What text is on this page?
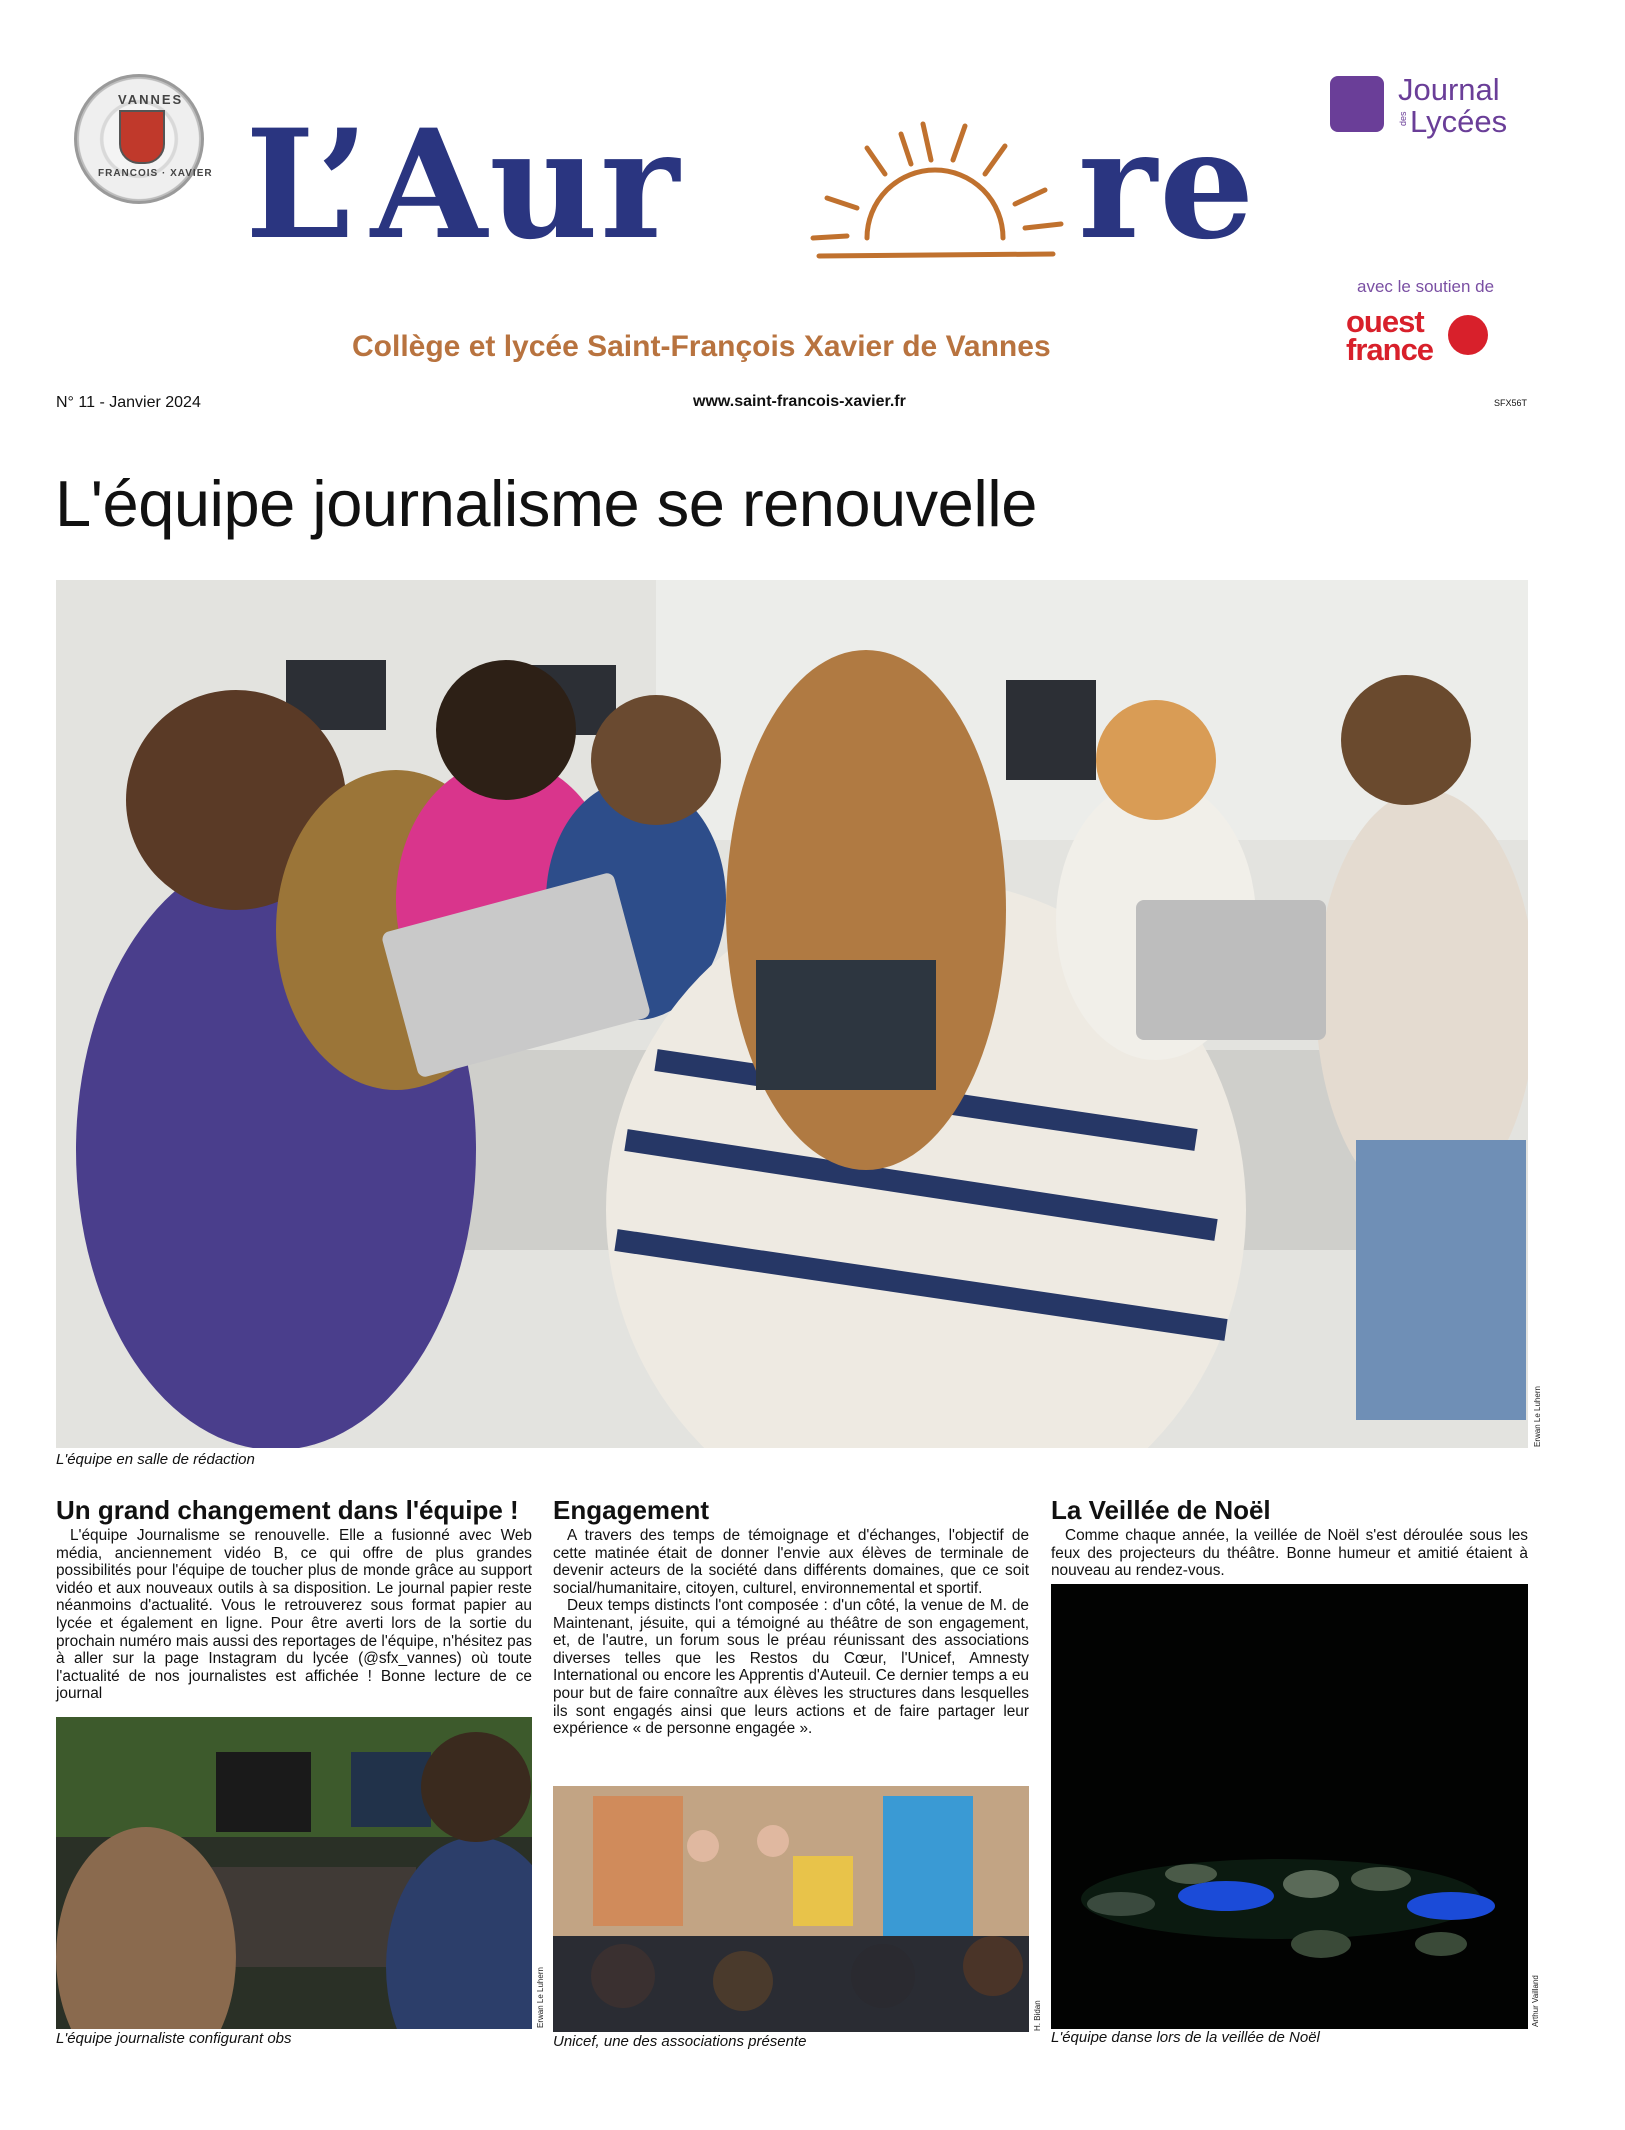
VANNES
FRANCOIS · XAVIER L’Aur	re
Journal
des Lycées
avec le soutien de
ouest
france
Collège et lycée Saint-François Xavier de Vannes
N° 11 - Janvier 2024	www.saint-francois-xavier.fr	SFX56T
L'équipe journalisme se renouvelle
Erwan Le Luhern
L'équipe en salle de rédaction
Un grand changement dans l'équipe !

L'équipe Journalisme se renouvelle. Elle a fusionné avec Web média, anciennement vidéo B, ce qui offre de plus grandes possibilités pour l'équipe de toucher plus de monde grâce au support vidéo et aux nouveaux outils à sa disposition. Le journal papier reste néanmoins d'actualité. Vous le retrouverez sous format papier au lycée et également en ligne. Pour être averti lors de la sortie du prochain numéro mais aussi des reportages de l'équipe, n'hésitez pas à aller sur la page Instagram du lycée (@sfx_vannes) où toute l'actualité de nos journalistes est affichée ! Bonne lecture de ce journal

Erwan Le Luhern
L'équipe journaliste configurant obs
Engagement

A travers des temps de témoignage et d'échanges, l'objectif de cette matinée était de donner l'envie aux élèves de terminale de devenir acteurs de la société dans différents domaines, que ce soit social/humanitaire, citoyen, culturel, environnemental et sportif.

Deux temps distincts l'ont composée : d'un côté, la venue de M. de Maintenant, jésuite, qui a témoigné au théâtre de son engagement, et, de l'autre, un forum sous le préau réunissant des associations diverses telles que les Restos du Cœur, l'Unicef, Amnesty International ou encore les Apprentis d'Auteuil. Ce dernier temps a eu pour but de faire connaître aux élèves les structures dans lesquelles ils sont engagés ainsi que leurs actions et de faire partager leur expérience « de personne engagée ».

H. Bidan
Unicef, une des associations présente
La Veillée de Noël

Comme chaque année, la veillée de Noël s'est déroulée sous les feux des projecteurs du théâtre. Bonne humeur et amitié étaient à nouveau au rendez-vous.

Arthur Vailland
L'équipe danse lors de la veillée de Noël
